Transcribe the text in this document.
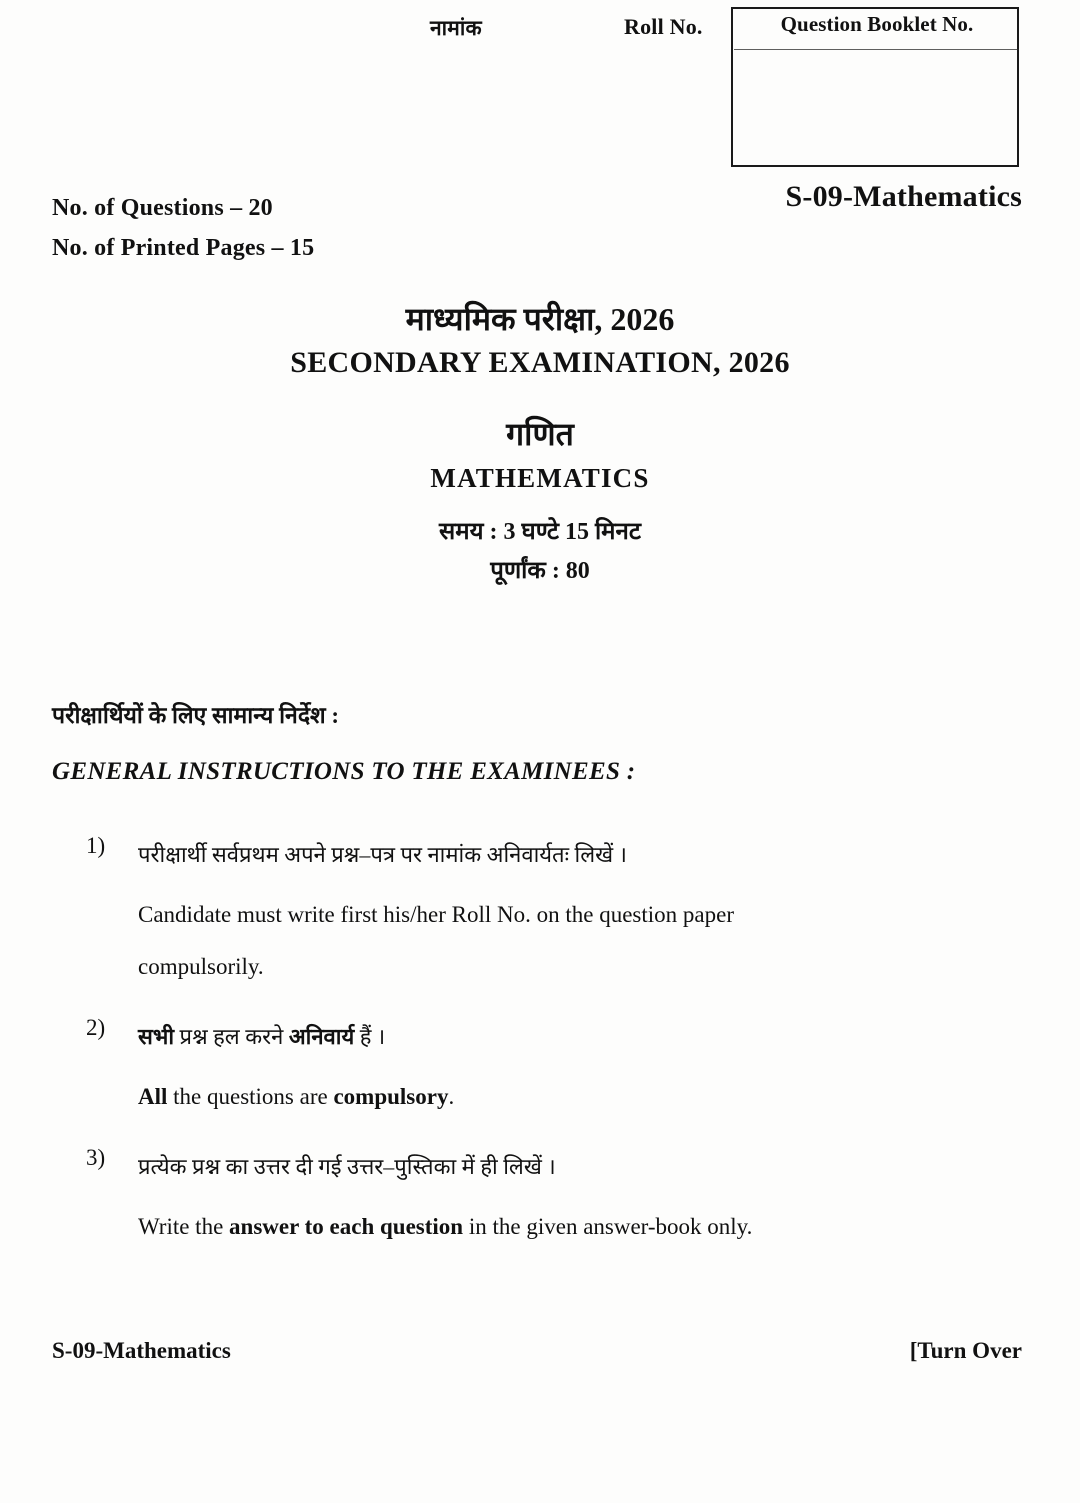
नामांक	Roll No.	Question Booklet No.
No. of Questions – 20
No. of Printed Pages – 15
S-09-Mathematics
माध्यमिक परीक्षा, 2026
SECONDARY EXAMINATION, 2026
गणित
MATHEMATICS
समय : 3 घण्टे 15 मिनट
पूर्णांक : 80
परीक्षार्थियों के लिए सामान्य निर्देश :
GENERAL INSTRUCTIONS TO THE EXAMINEES :
1)	परीक्षार्थी सर्वप्रथम अपने प्रश्न–पत्र पर नामांक अनिवार्यतः लिखें ।
Candidate must write first his/her Roll No. on the question paper
compulsorily.
2)	सभी प्रश्न हल करने अनिवार्य हैं ।
All the questions are compulsory.
3)	प्रत्येक प्रश्न का उत्तर दी गई उत्तर–पुस्तिका में ही लिखें ।
Write the answer to each question in the given answer-book only.
S-09-Mathematics	[Turn Over
